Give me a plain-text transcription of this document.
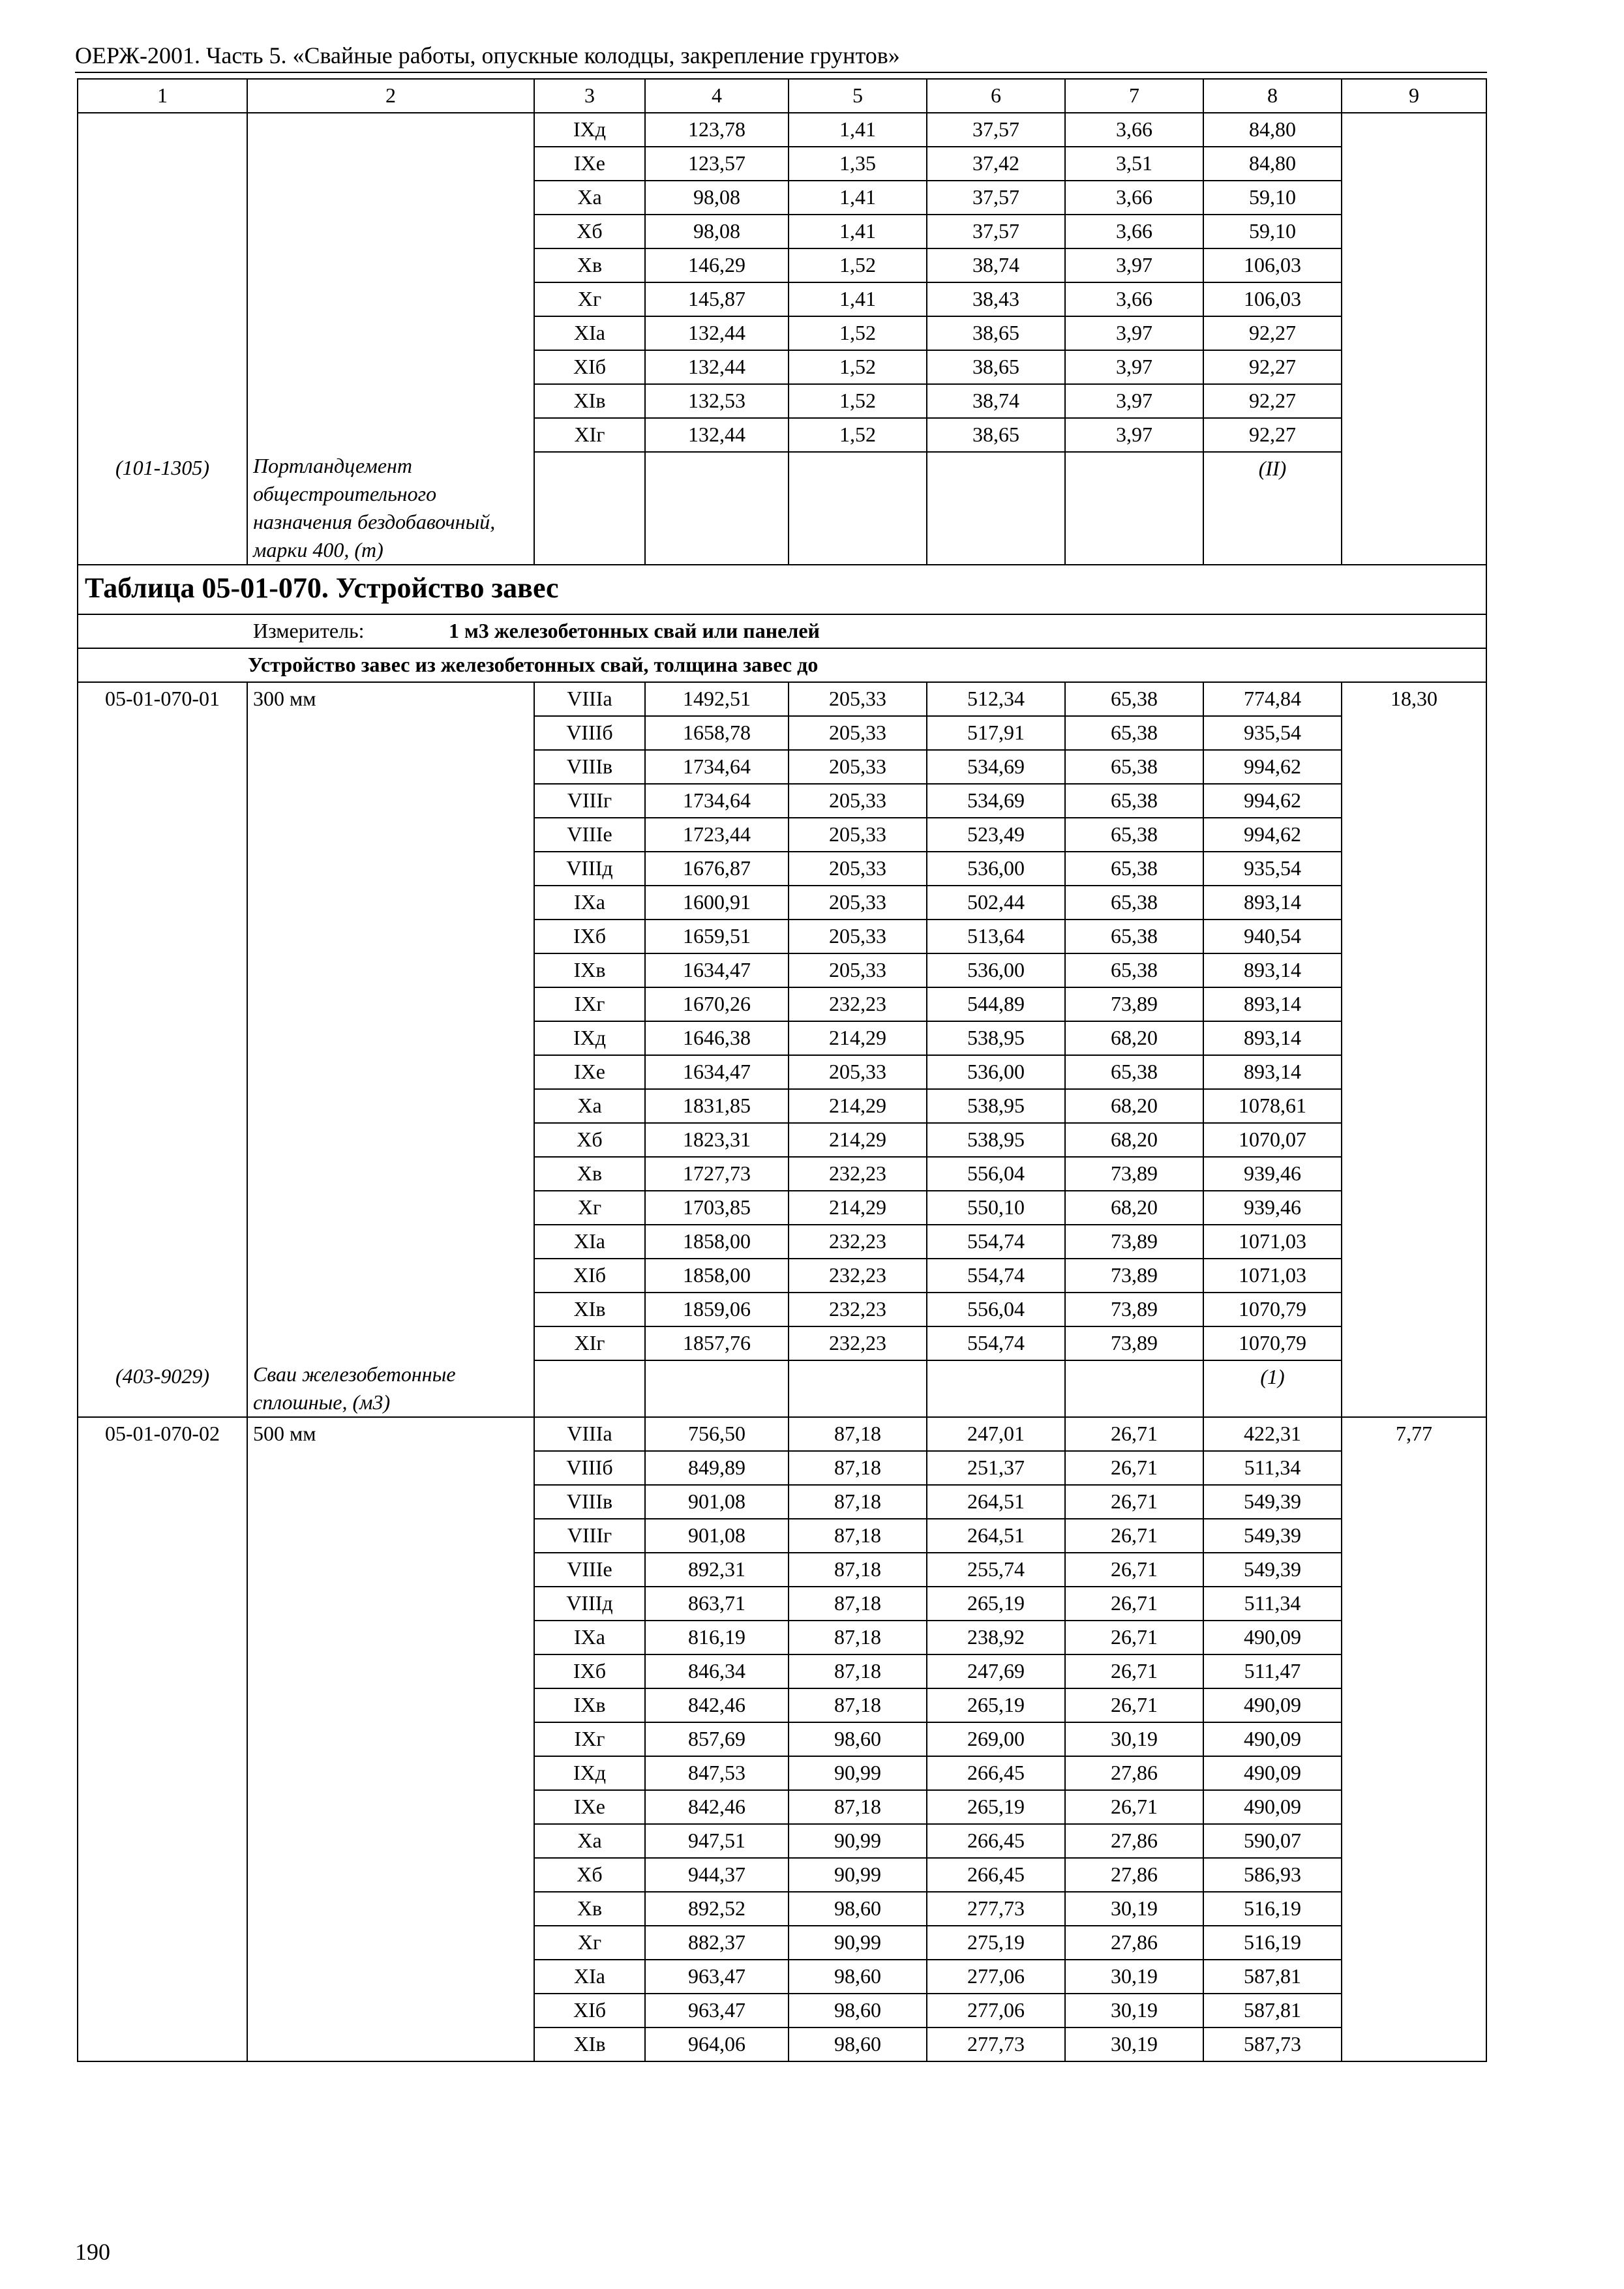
ОЕРЖ-2001. Часть 5. «Свайные работы, опускные колодцы, закрепление грунтов»
1	2	3	4	5	6	7	8	9
		IXд	123,78	1,41	37,57	3,66	84,80	
		IXе	123,57	1,35	37,42	3,51	84,80	
		Xа	98,08	1,41	37,57	3,66	59,10	
		Xб	98,08	1,41	37,57	3,66	59,10	
		Xв	146,29	1,52	38,74	3,97	106,03	
		Xг	145,87	1,41	38,43	3,66	106,03	
		XIа	132,44	1,52	38,65	3,97	92,27	
		XIб	132,44	1,52	38,65	3,97	92,27	
		XIв	132,53	1,52	38,74	3,97	92,27	
		XIг	132,44	1,52	38,65	3,97	92,27	
(101-1305)	Портландцемент общестроительного назначения бездобавочный, марки 400, (т)						(II)	
Таблица 05-01-070. Устройство завес								
Измеритель: 1 м3 железобетонных свай или панелей								
Устройство завес из железобетонных свай, толщина завес до								
05-01-070-01	300 мм	VIIIа	1492,51	205,33	512,34	65,38	774,84	18,30
		VIIIб	1658,78	205,33	517,91	65,38	935,54	
		VIIIв	1734,64	205,33	534,69	65,38	994,62	
		VIIIг	1734,64	205,33	534,69	65,38	994,62	
		VIIIе	1723,44	205,33	523,49	65,38	994,62	
		VIIIд	1676,87	205,33	536,00	65,38	935,54	
		IXа	1600,91	205,33	502,44	65,38	893,14	
		IXб	1659,51	205,33	513,64	65,38	940,54	
		IXв	1634,47	205,33	536,00	65,38	893,14	
		IXг	1670,26	232,23	544,89	73,89	893,14	
		IXд	1646,38	214,29	538,95	68,20	893,14	
		IXе	1634,47	205,33	536,00	65,38	893,14	
		Xа	1831,85	214,29	538,95	68,20	1078,61	
		Xб	1823,31	214,29	538,95	68,20	1070,07	
		Xв	1727,73	232,23	556,04	73,89	939,46	
		Xг	1703,85	214,29	550,10	68,20	939,46	
		XIа	1858,00	232,23	554,74	73,89	1071,03	
		XIб	1858,00	232,23	554,74	73,89	1071,03	
		XIв	1859,06	232,23	556,04	73,89	1070,79	
		XIг	1857,76	232,23	554,74	73,89	1070,79	
(403-9029)	Сваи железобетонные сплошные, (м3)						(1)	
05-01-070-02	500 мм	VIIIа	756,50	87,18	247,01	26,71	422,31	7,77
		VIIIб	849,89	87,18	251,37	26,71	511,34	
		VIIIв	901,08	87,18	264,51	26,71	549,39	
		VIIIг	901,08	87,18	264,51	26,71	549,39	
		VIIIе	892,31	87,18	255,74	26,71	549,39	
		VIIIд	863,71	87,18	265,19	26,71	511,34	
		IXа	816,19	87,18	238,92	26,71	490,09	
		IXб	846,34	87,18	247,69	26,71	511,47	
		IXв	842,46	87,18	265,19	26,71	490,09	
		IXг	857,69	98,60	269,00	30,19	490,09	
		IXд	847,53	90,99	266,45	27,86	490,09	
		IXе	842,46	87,18	265,19	26,71	490,09	
		Xа	947,51	90,99	266,45	27,86	590,07	
		Xб	944,37	90,99	266,45	27,86	586,93	
		Xв	892,52	98,60	277,73	30,19	516,19	
		Xг	882,37	90,99	275,19	27,86	516,19	
		XIа	963,47	98,60	277,06	30,19	587,81	
		XIб	963,47	98,60	277,06	30,19	587,81	
		XIв	964,06	98,60	277,73	30,19	587,73	
190
